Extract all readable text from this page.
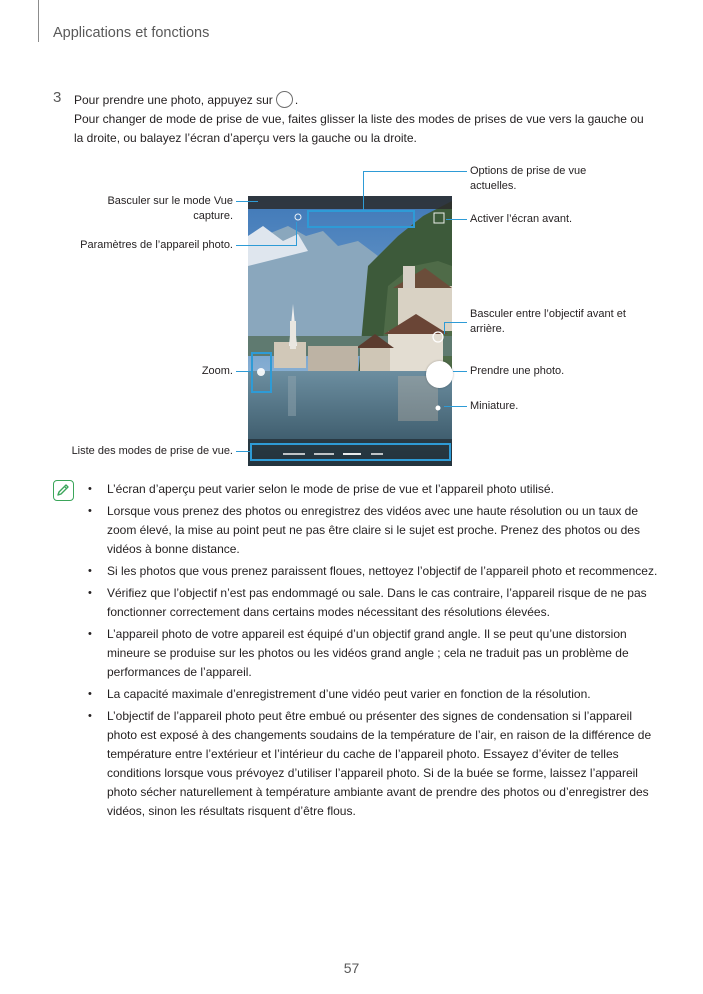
Applications et fonctions
3 Pour prendre une photo, appuyez sur .
Pour changer de mode de prise de vue, faites glisser la liste des modes de prises de vue vers la gauche ou la droite, ou balayez l’écran d’aperçu vers la gauche ou la droite.
Options de prise de vue actuelles.
Basculer sur le mode Vue capture.	Activer l’écran avant.
Paramètres de l’appareil photo.
Basculer entre l’objectif avant et arrière.
Zoom.	Prendre une photo.
Miniature.
Liste des modes de prise de vue.
• L’écran d’aperçu peut varier selon le mode de prise de vue et l’appareil photo utilisé.
• Lorsque vous prenez des photos ou enregistrez des vidéos avec une haute résolution ou un taux de zoom élevé, la mise au point peut ne pas être claire si le sujet est proche. Prenez des photos ou des vidéos à bonne distance.
• Si les photos que vous prenez paraissent floues, nettoyez l’objectif de l’appareil photo et recommencez.
• Vérifiez que l’objectif n’est pas endommagé ou sale. Dans le cas contraire, l’appareil risque de ne pas fonctionner correctement dans certains modes nécessitant des résolutions élevées.
• L’appareil photo de votre appareil est équipé d’un objectif grand angle. Il se peut qu’une distorsion mineure se produise sur les photos ou les vidéos grand angle ; cela ne traduit pas un problème de performances de l’appareil.
• La capacité maximale d’enregistrement d’une vidéo peut varier en fonction de la résolution.
• L’objectif de l’appareil photo peut être embué ou présenter des signes de condensation si l’appareil photo est exposé à des changements soudains de la température de l’air, en raison de la différence de température entre l’extérieur et l’intérieur du cache de l’appareil photo. Essayez d’éviter de telles conditions lorsque vous prévoyez d’utiliser l’appareil photo. Si de la buée se forme, laissez l’appareil photo sécher naturellement à température ambiante avant de prendre des photos ou d’enregistrer des vidéos, sinon les résultats risquent d’être flous.
57
